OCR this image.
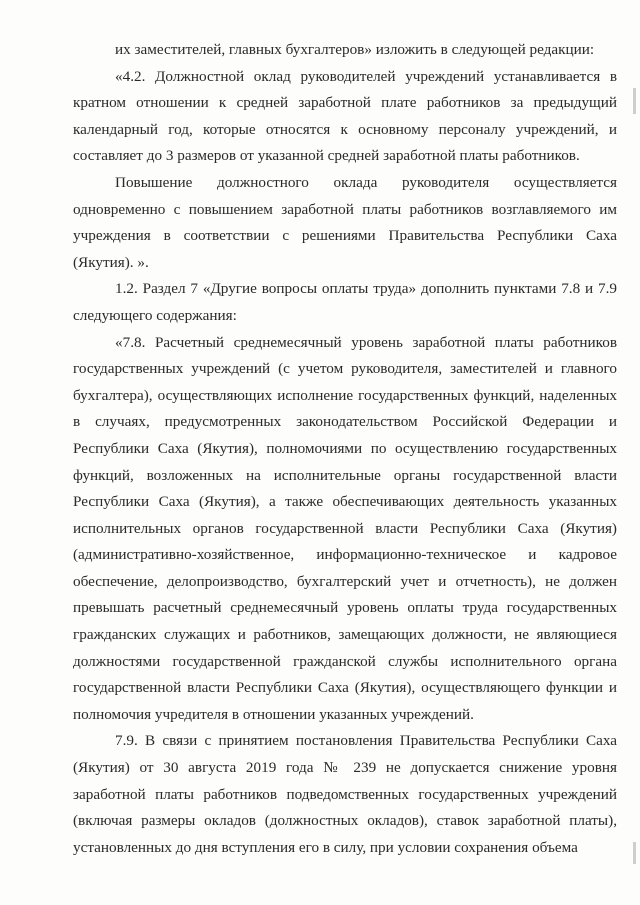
их заместителей, главных бухгалтеров» изложить в следующей редакции:

«4.2. Должностной оклад руководителей учреждений устанавливается в кратном отношении к средней заработной плате работников за предыдущий календарный год, которые относятся к основному персоналу учреждений, и составляет до 3 размеров от указанной средней заработной платы работников.

Повышение должностного оклада руководителя осуществляется одновременно с повышением заработной платы работников возглавляемого им учреждения в соответствии с решениями Правительства Республики Саха (Якутия). ».

1.2. Раздел 7 «Другие вопросы оплаты труда» дополнить пунктами 7.8 и 7.9 следующего содержания:

«7.8. Расчетный среднемесячный уровень заработной платы работников государственных учреждений (с учетом руководителя, заместителей и главного бухгалтера), осуществляющих исполнение государственных функций, наделенных в случаях, предусмотренных законодательством Российской Федерации и Республики Саха (Якутия), полномочиями по осуществлению государственных функций, возложенных на исполнительные органы государственной власти Республики Саха (Якутия), а также обеспечивающих деятельность указанных исполнительных органов государственной власти Республики Саха (Якутия) (административно-хозяйственное, информационно-техническое и кадровое обеспечение, делопроизводство, бухгалтерский учет и отчетность), не должен превышать расчетный среднемесячный уровень оплаты труда государственных гражданских служащих и работников, замещающих должности, не являющиеся должностями государственной гражданской службы исполнительного органа государственной власти Республики Саха (Якутия), осуществляющего функции и полномочия учредителя в отношении указанных учреждений.

7.9. В связи с принятием постановления Правительства Республики Саха (Якутия) от 30 августа 2019 года № 239 не допускается снижение уровня заработной платы работников подведомственных государственных учреждений (включая размеры окладов (должностных окладов), ставок заработной платы), установленных до дня вступления его в силу, при условии сохранения объема
